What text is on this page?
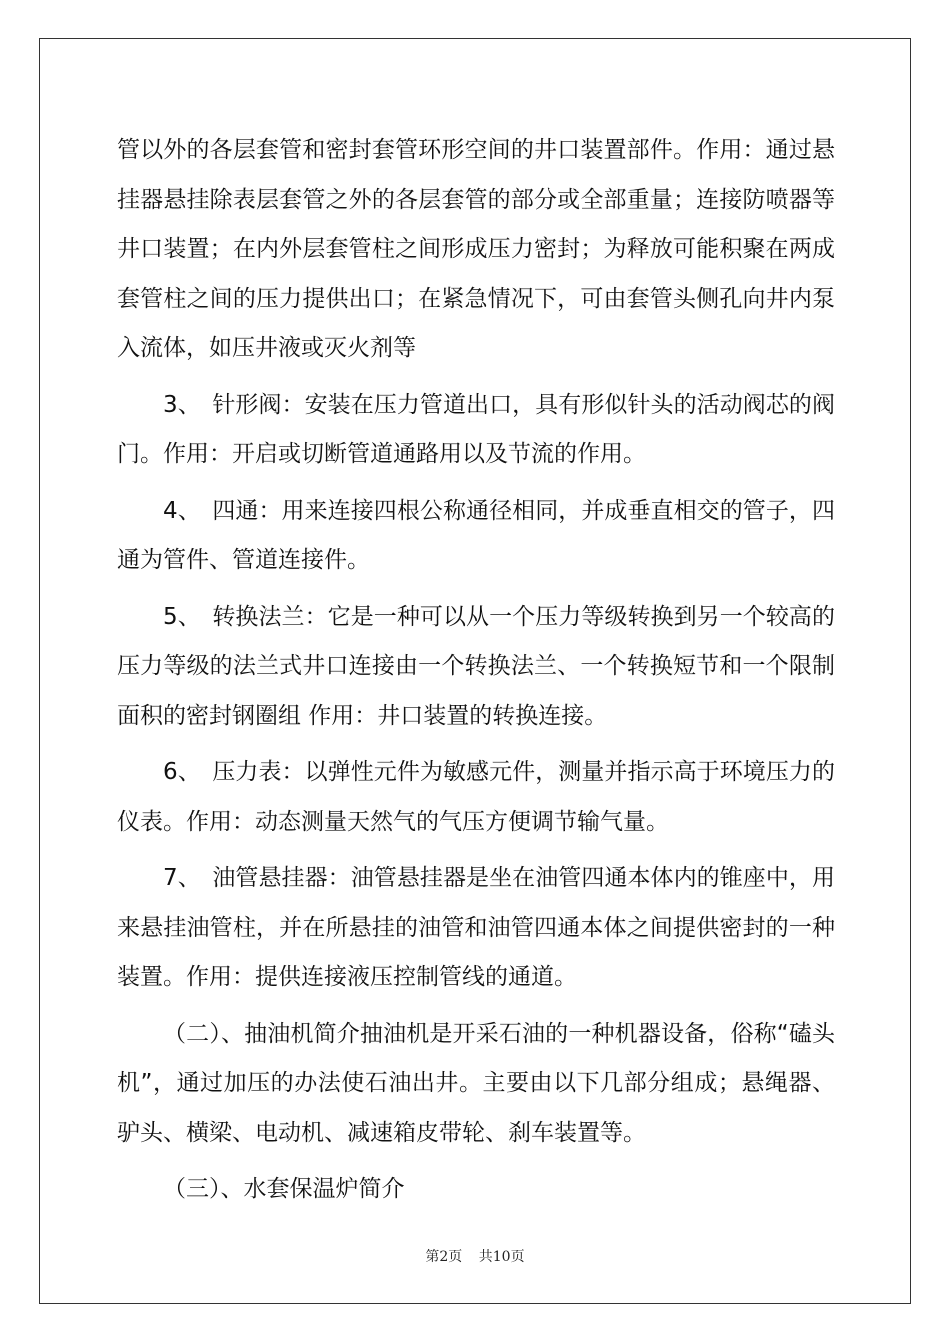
管以外的各层套管和密封套管环形空间的井口装置部件。作用：通过悬挂器悬挂除表层套管之外的各层套管的部分或全部重量；连接防喷器等井口装置；在内外层套管柱之间形成压力密封；为释放可能积聚在两成套管柱之间的压力提供出口；在紧急情况下，可由套管头侧孔向井内泵入流体，如压井液或灭火剂等

3、　针形阀：安装在压力管道出口，具有形似针头的活动阀芯的阀门。作用：开启或切断管道通路用以及节流的作用。

4、　四通：用来连接四根公称通径相同，并成垂直相交的管子，四通为管件、管道连接件。

5、　转换法兰：它是一种可以从一个压力等级转换到另一个较高的压力等级的法兰式井口连接由一个转换法兰、一个转换短节和一个限制面积的密封钢圈组 作用：井口装置的转换连接。

6、　压力表：以弹性元件为敏感元件，测量并指示高于环境压力的仪表。作用：动态测量天然气的气压方便调节输气量。

7、　油管悬挂器：油管悬挂器是坐在油管四通本体内的锥座中，用来悬挂油管柱，并在所悬挂的油管和油管四通本体之间提供密封的一种装置。作用：提供连接液压控制管线的通道。

（二）、抽油机简介抽油机是开采石油的一种机器设备，俗称“磕头机”，通过加压的办法使石油出井。主要由以下几部分组成；悬绳器、驴头、横梁、电动机、减速箱皮带轮、刹车装置等。

（三）、水套保温炉简介

第2页 共10页
